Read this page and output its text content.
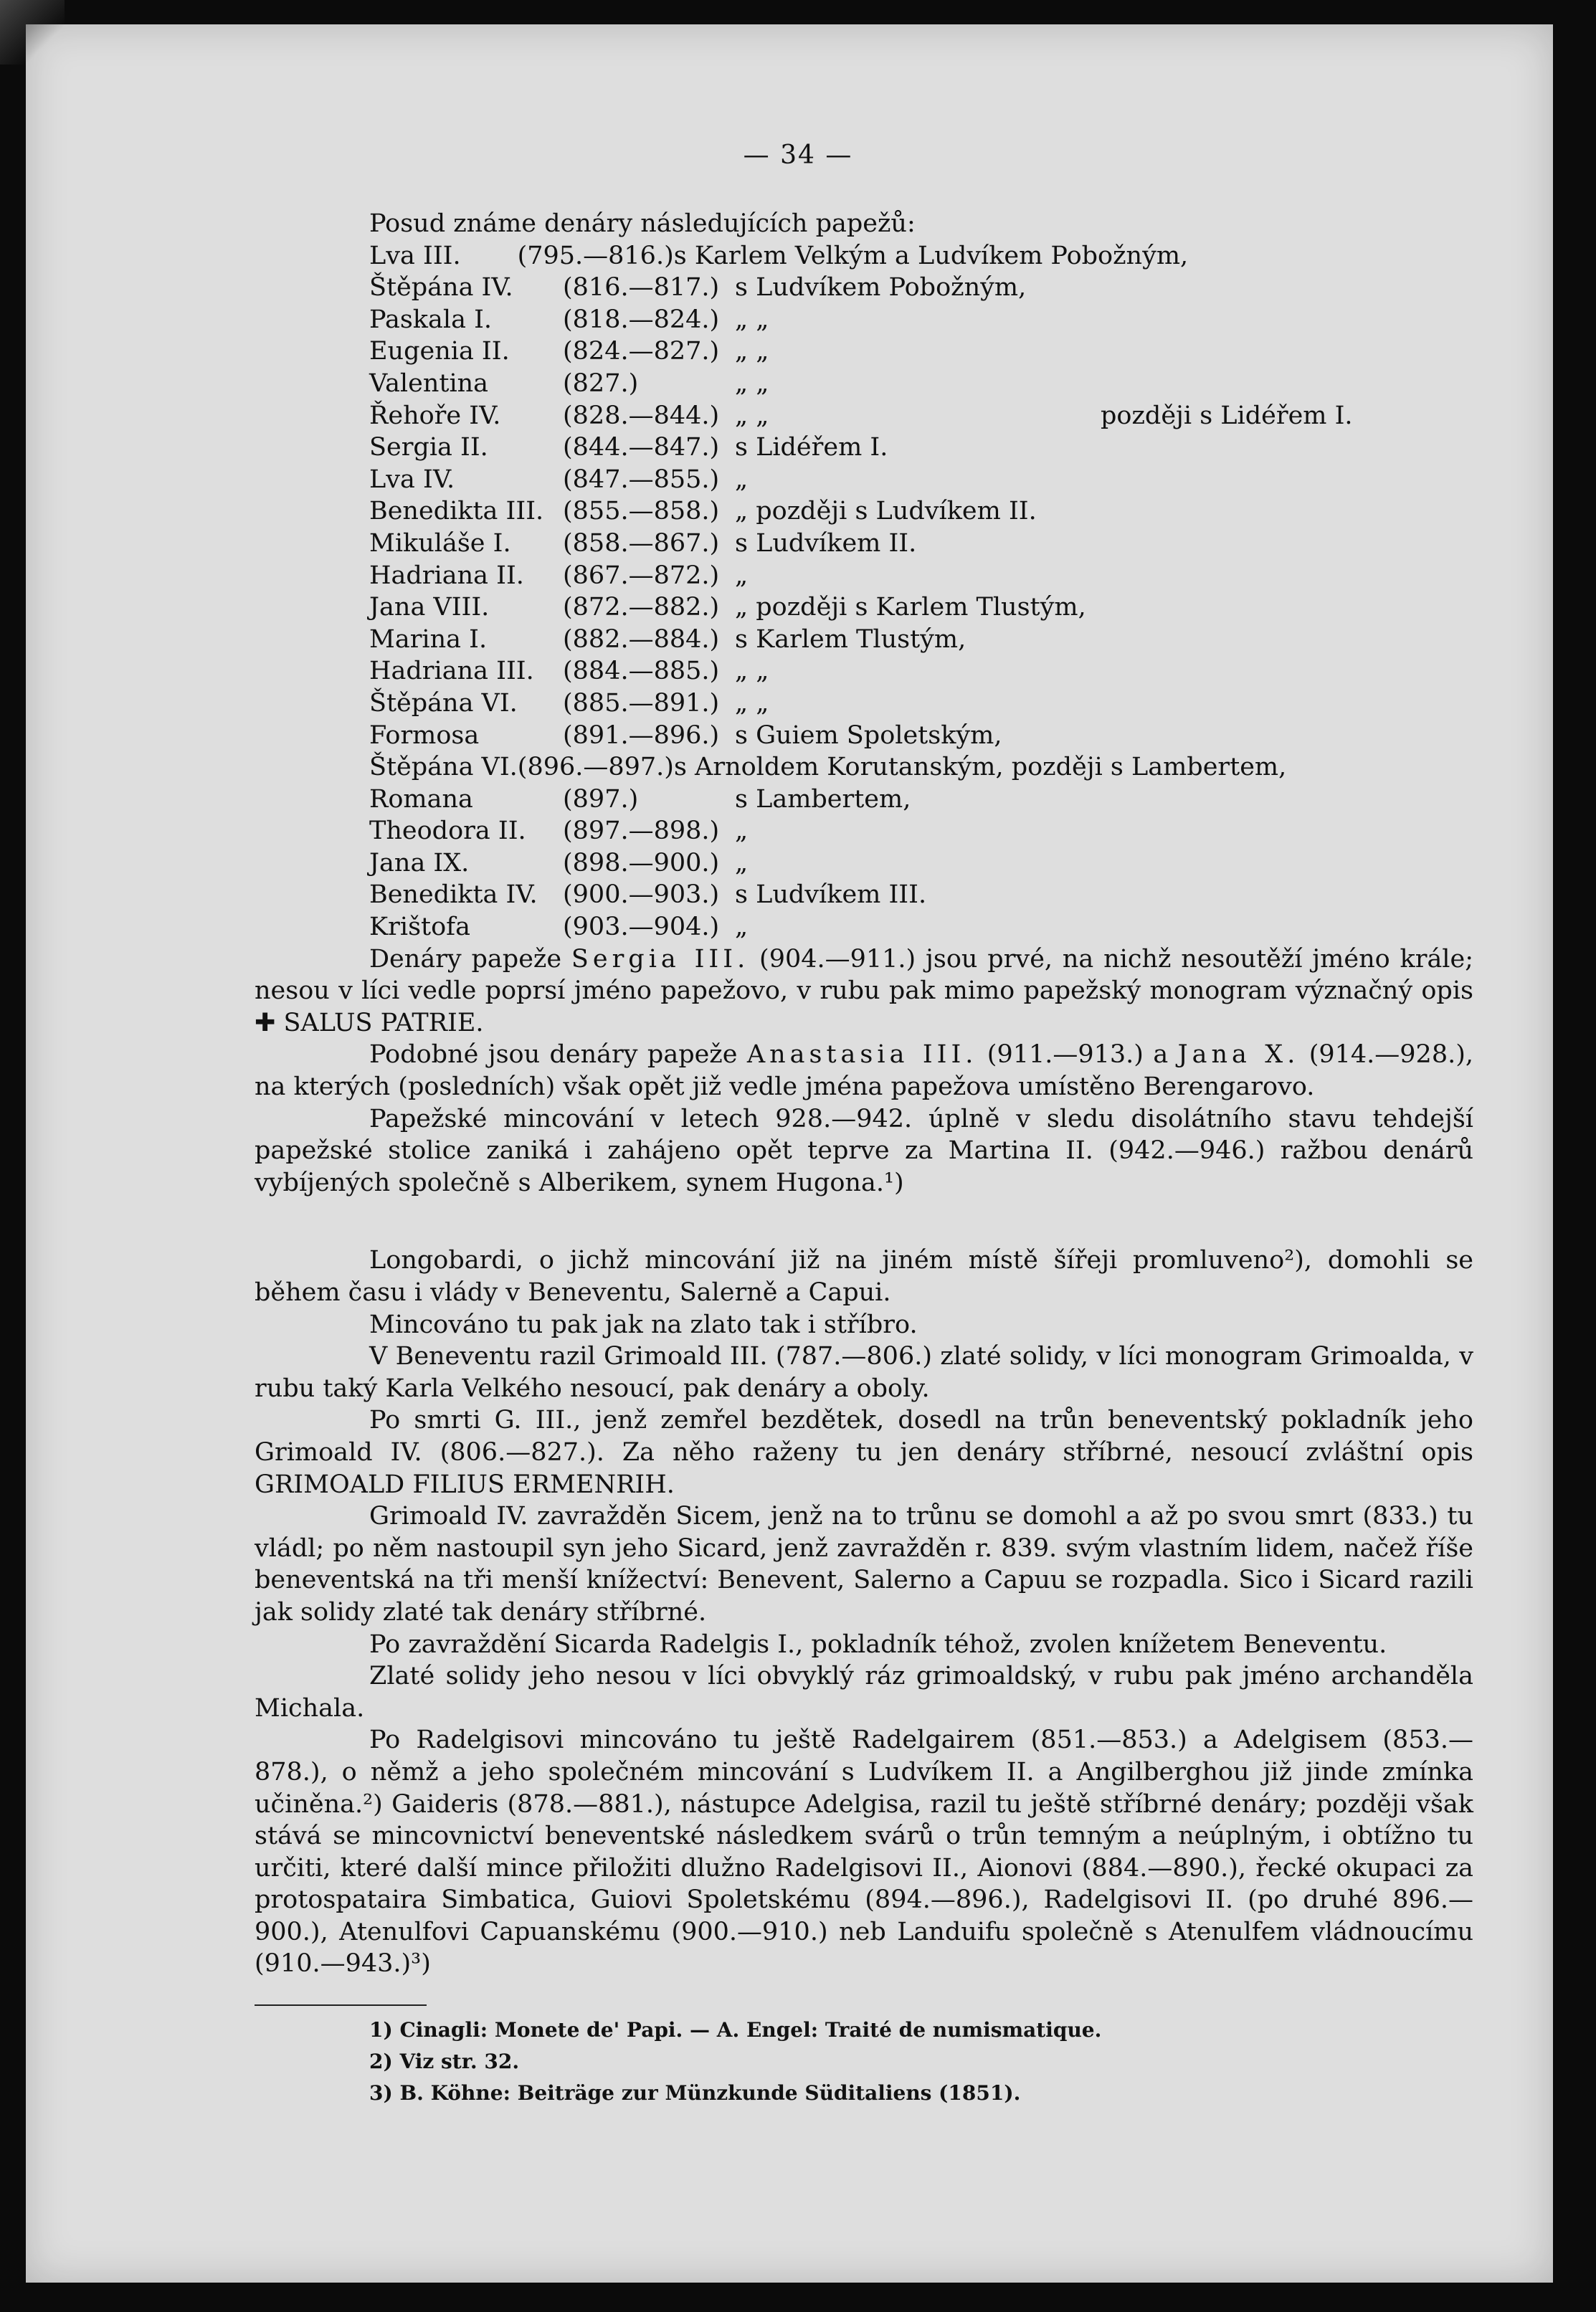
— 34 —
Posud známe denáry následujících papežů:
Lva III.	(795.—816.) s Karlem Velkým a Ludvíkem Pobožným,
Štěpána IV.	(816.—817.) s Ludvíkem Pobožným,
Paskala I.	(818.—824.) „ „
Eugenia II.	(824.—827.) „ „
Valentina	(827.)	„ „
Řehoře IV.	(828.—844.) „ „	později s Lidéřem I.
Sergia II.	(844.—847.) s Lidéřem I.
Lva IV.	(847.—855.) „
Benedikta III. (855.—858.) „ později s Ludvíkem II.
Mikuláše I.	(858.—867.) s Ludvíkem II.
Hadriana II.	(867.—872.) „
Jana VIII.	(872.—882.) „ později s Karlem Tlustým,
Marina I.	(882.—884.) s Karlem Tlustým,
Hadriana III.	(884.—885.) „ „
Štěpána VI.	(885.—891.) „ „
Formosa	(891.—896.) s Guiem Spoletským,
Štěpána VI. (896.—897.) s Arnoldem Korutanským, později s Lambertem,
Romana	(897.)	s Lambertem,
Theodora II.	(897.—898.) „
Jana IX.	(898.—900.) „
Benedikta IV.	(900.—903.) s Ludvíkem III.
Krištofa	(903.—904.) „

Denáry papeže Sergia III. (904.—911.) jsou prvé, na nichž nesoutěží jméno krále; nesou v líci vedle poprsí jméno papežovo, v rubu pak mimo papežský monogram význačný opis ✚ SALUS PATRIE.

Podobné jsou denáry papeže Anastasia III. (911.—913.) a Jana X. (914.—928.), na kterých (posledních) však opět již vedle jména papežova umístěno Berengarovo.

Papežské mincování v letech 928.—942. úplně v sledu disolátního stavu tehdejší papežské stolice zaniká i zahájeno opět teprve za Martina II. (942.—946.) ražbou denárů vybíjených společně s Alberikem, synem Hugona.¹)

Longobardi, o jichž mincování již na jiném místě šířeji promluveno²), domohli se během času i vlády v Beneventu, Salerně a Capui.

Mincováno tu pak jak na zlato tak i stříbro.

V Beneventu razil Grimoald III. (787.—806.) zlaté solidy, v líci monogram Grimoalda, v rubu taký Karla Velkého nesoucí, pak denáry a oboly.

Po smrti G. III., jenž zemřel bezdětek, dosedl na trůn beneventský pokladník jeho Grimoald IV. (806.—827.). Za něho raženy tu jen denáry stříbrné, nesoucí zvláštní opis GRIMOALD FILIUS ERMENRIH.

Grimoald IV. zavražděn Sicem, jenž na to trůnu se domohl a až po svou smrt (833.) tu vládl; po něm nastoupil syn jeho Sicard, jenž zavražděn r. 839. svým vlastním lidem, načež říše beneventská na tři menší knížectví: Benevent, Salerno a Capuu se rozpadla. Sico i Sicard razili jak solidy zlaté tak denáry stříbrné.

Po zavraždění Sicarda Radelgis I., pokladník téhož, zvolen knížetem Beneventu.

Zlaté solidy jeho nesou v líci obvyklý ráz grimoaldský, v rubu pak jméno archanděla Michala.

Po Radelgisovi mincováno tu ještě Radelgairem (851.—853.) a Adelgisem (853.—878.), o němž a jeho společném mincování s Ludvíkem II. a Angilberghou již jinde zmínka učiněna.²) Gaideris (878.—881.), nástupce Adelgisa, razil tu ještě stříbrné denáry; později však stává se mincovnictví beneventské následkem svárů o trůn temným a neúplným, i obtížno tu určiti, které další mince přiložiti dlužno Radelgisovi II., Aionovi (884.—890.), řecké okupaci za protospataira Simbatica, Guiovi Spoletskému (894.—896.), Radelgisovi II. (po druhé 896.—900.), Atenulfovi Capuanskému (900.—910.) neb Landuifu společně s Atenulfem vládnoucímu (910.—943.)³)

1) Cinagli: Monete de' Papi. — A. Engel: Traité de numismatique.
2) Viz str. 32.
3) B. Köhne: Beiträge zur Münzkunde Süditaliens (1851).
